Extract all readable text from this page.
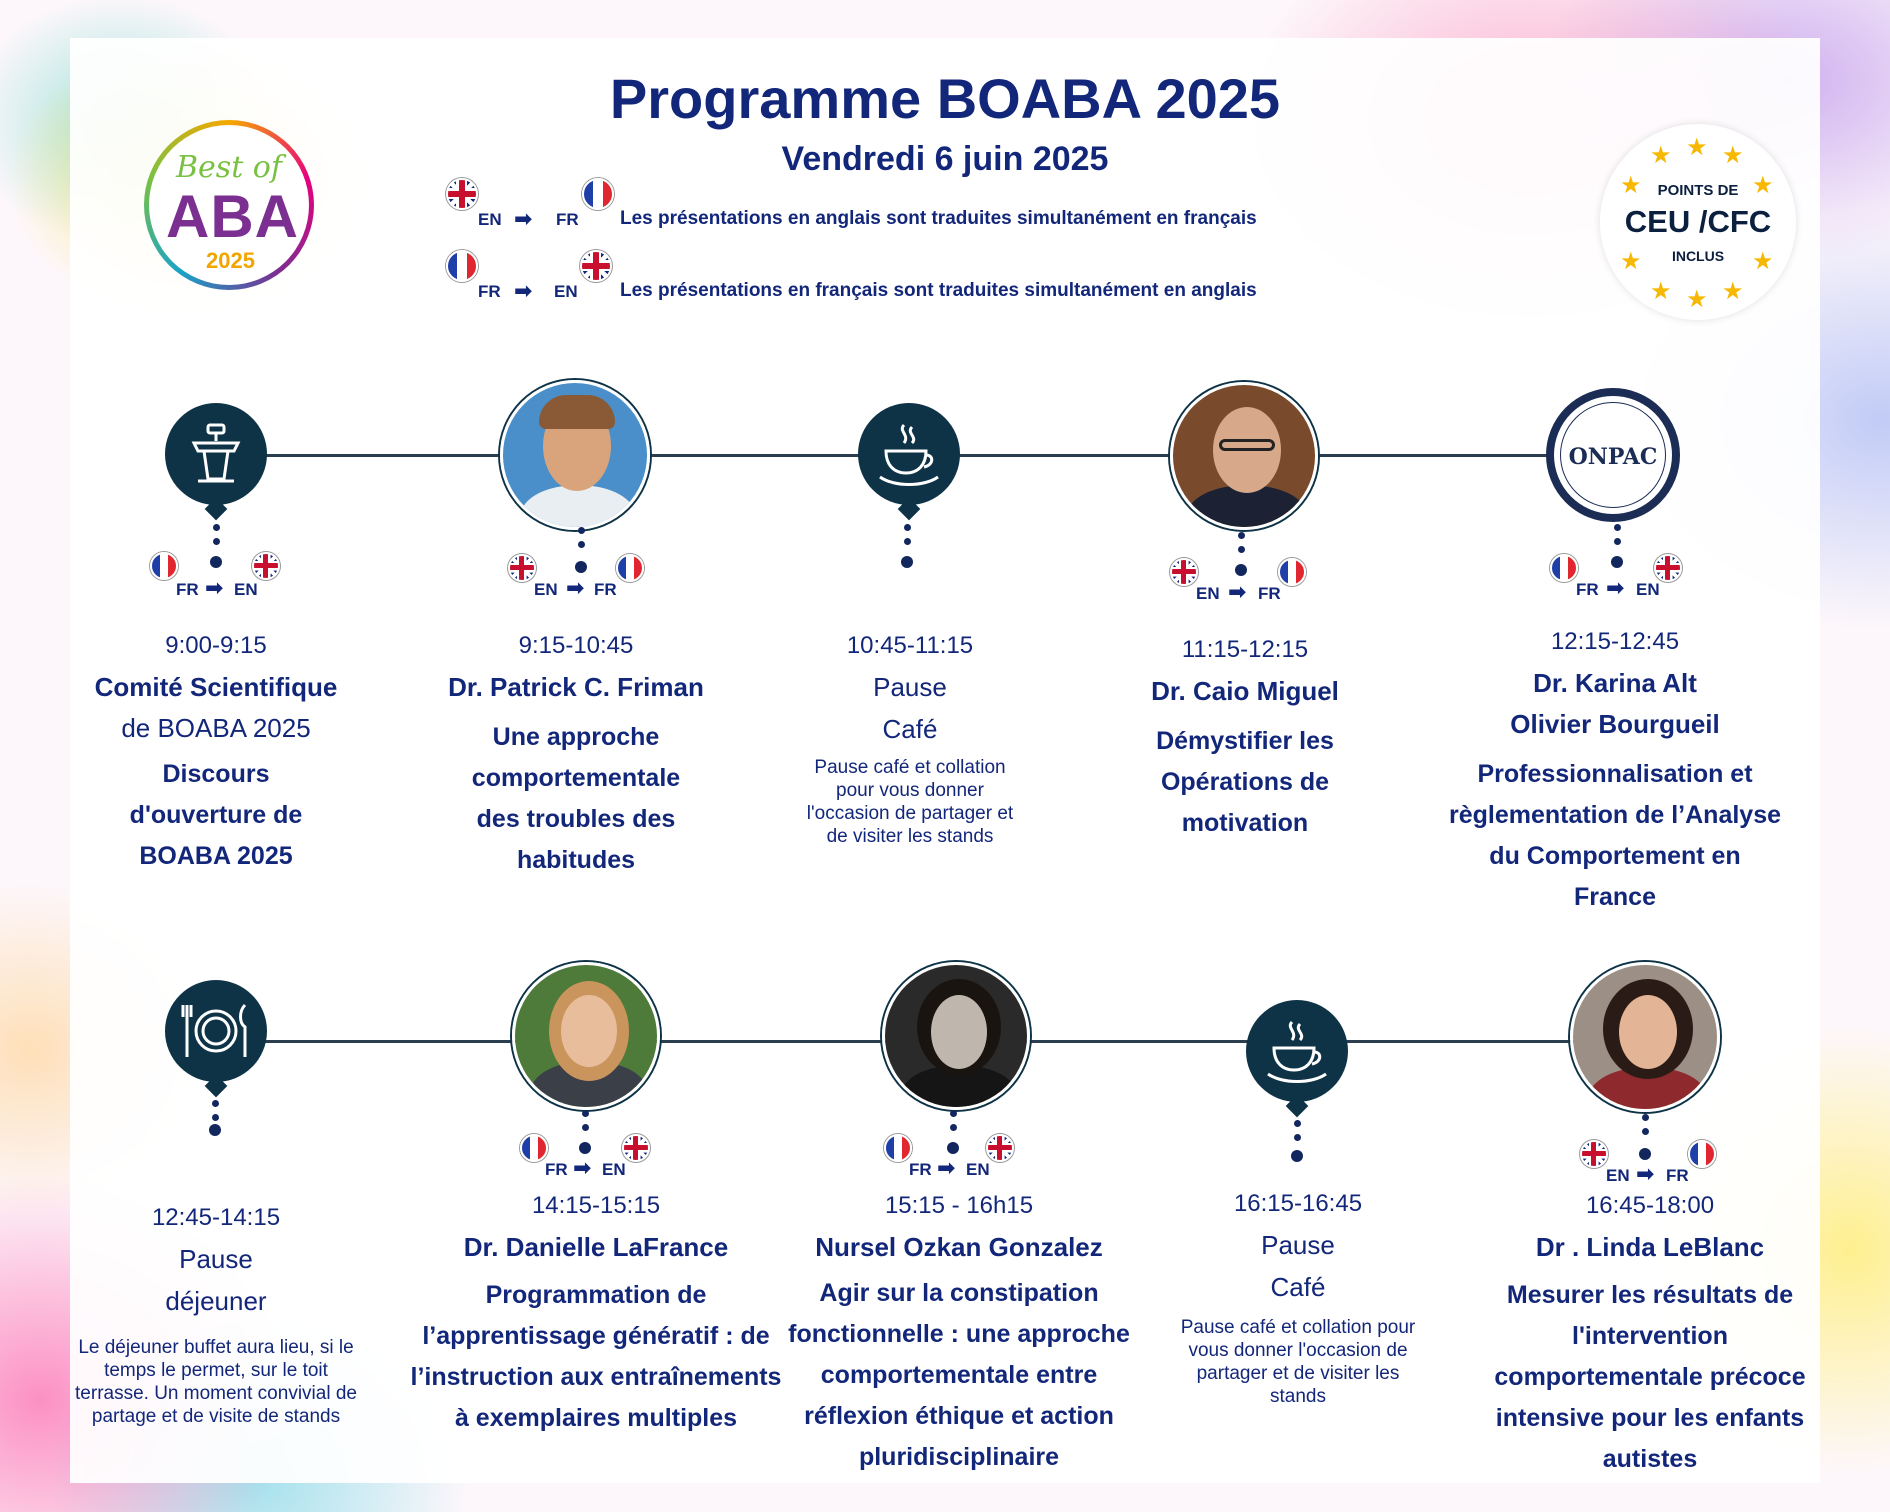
Best of
ABA
2025
Programme BOABA 2025
Vendredi 6 juin 2025
EN ➡ FR Les présentations en anglais sont traduites simultanément en français
FR ➡ EN Les présentations en français sont traduites simultanément en anglais
★ ★ ★
★	★
★	★
★ ★ ★
POINTS DE
CEU /CFC
INCLUS
FR ➡ EN
9:00-9:15
Comité Scientifique
de BOABA 2025
Discours d'ouverture de BOABA 2025
EN ➡ FR
9:15-10:45
Dr. Patrick C. Friman
Une approche comportementale des troubles des habitudes
10:45-11:15
Pause
Café
Pause café et collation pour vous donner l'occasion de partager et de visiter les stands
EN ➡ FR
11:15-12:15
Dr. Caio Miguel
Démystifier les Opérations de motivation
ONPAC
FR ➡ EN
12:15-12:45
Dr. Karina Alt
Olivier Bourgueil
Professionnalisation et règlementation de l’Analyse du Comportement en France
12:45-14:15
Pause
déjeuner
Le déjeuner buffet aura lieu, si le temps le permet, sur le toit terrasse. Un moment convivial de partage et de visite de stands
FR ➡ EN
14:15-15:15
Dr. Danielle LaFrance
Programmation de l’apprentissage génératif : de l’instruction aux entraînements à exemplaires multiples
FR ➡ EN
15:15 - 16h15
Nursel Ozkan Gonzalez
Agir sur la constipation fonctionnelle : une approche comportementale entre réflexion éthique et action pluridisciplinaire
16:15-16:45
Pause
Café
Pause café et collation pour vous donner l'occasion de partager et de visiter les stands
EN ➡ FR
16:45-18:00
Dr . Linda LeBlanc
Mesurer les résultats de l'intervention comportementale précoce intensive pour les enfants autistes
